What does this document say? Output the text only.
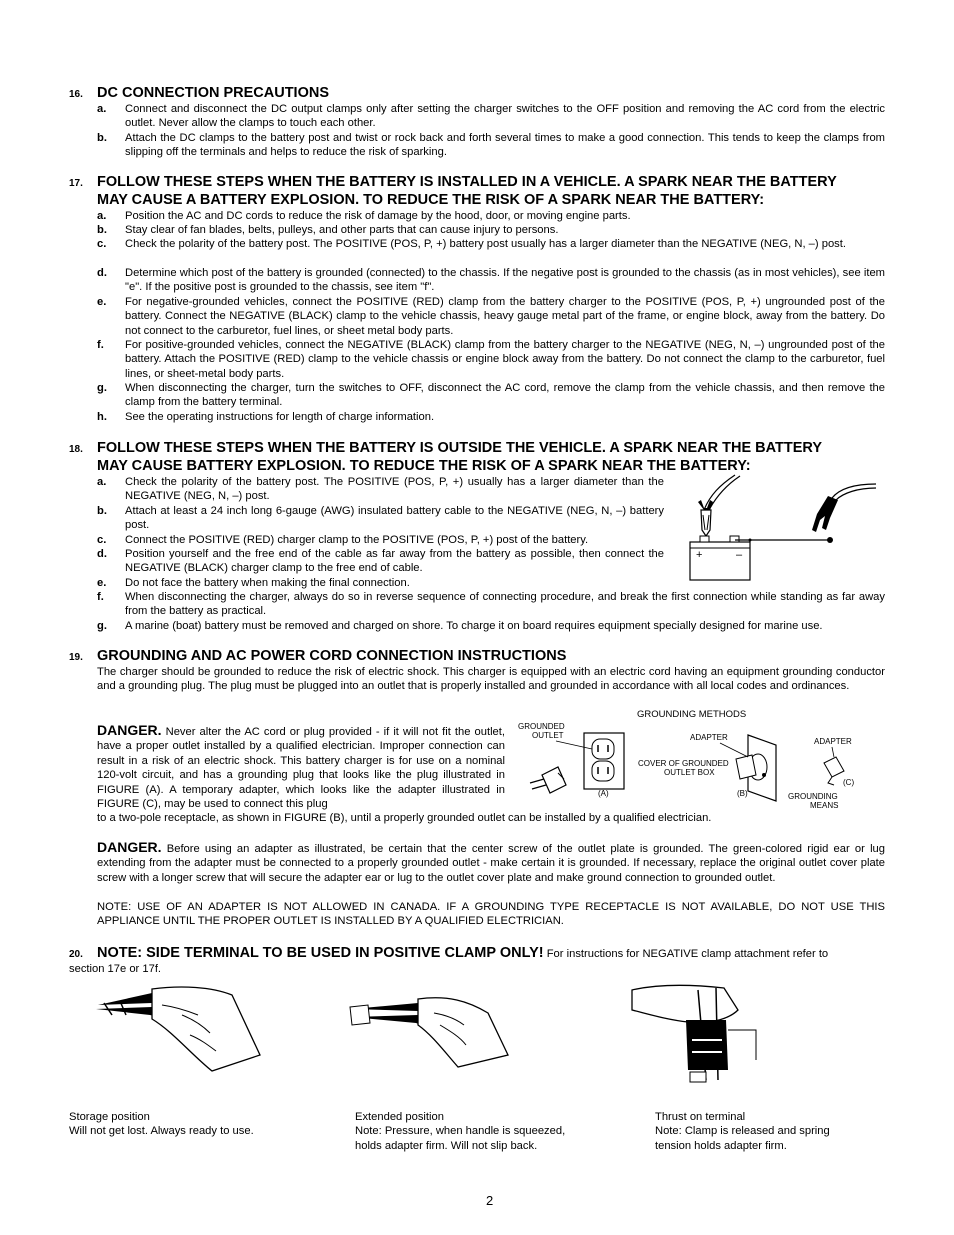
16. DC CONNECTION PRECAUTIONS
a.	Connect and disconnect the DC output clamps only after setting the charger switches to the OFF position and removing the AC cord from the electric outlet. Never allow the clamps to touch each other.
b.	Attach the DC clamps to the battery post and twist or rock back and forth several times to make a good connection. This tends to keep the clamps from slipping off the terminals and helps to reduce the risk of sparking.
17. FOLLOW THESE STEPS WHEN THE BATTERY IS INSTALLED IN A VEHICLE. A SPARK NEAR THE BATTERY
MAY CAUSE A BATTERY EXPLOSION. TO REDUCE THE RISK OF A SPARK NEAR THE BATTERY:
a.	Position the AC and DC cords to reduce the risk of damage by the hood, door, or moving engine parts.
b.	Stay clear of fan blades, belts, pulleys, and other parts that can cause injury to persons.
c.	Check the polarity of the battery post. The POSITIVE (POS, P, +) battery post usually has a larger diameter than the NEGATIVE (NEG, N, –) post.
d.	Determine which post of the battery is grounded (connected) to the chassis. If the negative post is grounded to the chassis (as in most vehicles), see item "e". If the positive post is grounded to the chassis, see item "f".
e.	For negative-grounded vehicles, connect the POSITIVE (RED) clamp from the battery charger to the POSITIVE (POS, P, +) ungrounded post of the battery. Connect the NEGATIVE (BLACK) clamp to the vehicle chassis, heavy gauge metal part of the frame, or engine block, away from the battery. Do not connect to the carburetor, fuel lines, or sheet metal body parts.
f.	For positive-grounded vehicles, connect the NEGATIVE (BLACK) clamp from the battery charger to the NEGATIVE (NEG, N, –) ungrounded post of the battery. Attach the POSITIVE (RED) clamp to the vehicle chassis or engine block away from the battery. Do not connect the clamp to the carburetor, fuel lines, or sheet-metal body parts.
g.	When disconnecting the charger, turn the switches to OFF, disconnect the AC cord, remove the clamp from the vehicle chassis, and then remove the clamp from the battery terminal.
h.	See the operating instructions for length of charge information.
18. FOLLOW THESE STEPS WHEN THE BATTERY IS OUTSIDE THE VEHICLE. A SPARK NEAR THE BATTERY
MAY CAUSE BATTERY EXPLOSION. TO REDUCE THE RISK OF A SPARK NEAR THE BATTERY:
a.	Check the polarity of the battery post. The POSITIVE (POS, P, +) usually has a larger diameter than the NEGATIVE (NEG, N, –) post.
b.	Attach at least a 24 inch long 6-gauge (AWG) insulated battery cable to the NEGATIVE (NEG, N, –) battery post.
c.	Connect the POSITIVE (RED) charger clamp to the POSITIVE (POS, P, +) post of the battery.
d.	Position yourself and the free end of the cable as far away from the battery as possible, then connect the NEGATIVE (BLACK) charger clamp to the free end of cable.
e.	Do not face the battery when making the final connection.
f.	When disconnecting the charger, always do so in reverse sequence of connecting procedure, and break the first connection while standing as far away from the battery as practical.
g.	A marine (boat) battery must be removed and charged on shore. To charge it on board requires equipment specially designed for marine use.
+	–
19. GROUNDING AND AC POWER CORD CONNECTION INSTRUCTIONS
The charger should be grounded to reduce the risk of electric shock. This charger is equipped with an electric cord having an equipment grounding conductor and a grounding plug. The plug must be plugged into an outlet that is properly installed and grounded in accordance with all local codes and ordinances.
DANGER. Never alter the AC cord or plug provided - if it will not fit the outlet, have a proper outlet installed by a qualified electrician. Improper connection can result in a risk of an electric shock. This battery charger is for use on a nominal 120-volt circuit, and has a grounding plug that looks like the plug illustrated in FIGURE (A). A temporary adapter, which looks like the adapter illustrated in FIGURE (C), may be used to connect this plug
to a two-pole receptacle, as shown in FIGURE (B), until a properly grounded outlet can be installed by a qualified electrician.
DANGER. Before using an adapter as illustrated, be certain that the center screw of the outlet plate is grounded. The green-colored rigid ear or lug extending from the adapter must be connected to a properly grounded outlet - make certain it is grounded. If necessary, replace the original outlet cover plate screw with a longer screw that will secure the adapter ear or lug to the outlet cover plate and make ground connection to grounded outlet.
NOTE: USE OF AN ADAPTER IS NOT ALLOWED IN CANADA. IF A GROUNDING TYPE RECEPTACLE IS NOT AVAILABLE, DO NOT USE THIS APPLIANCE UNTIL THE PROPER OUTLET IS INSTALLED BY A QUALIFIED ELECTRICIAN.
GROUNDING METHODS
GROUNDED
OUTLET
(A)
COVER OF GROUNDED
OUTLET BOX
ADAPTER
(B)
ADAPTER
(C)
GROUNDING
MEANS
20. NOTE: SIDE TERMINAL TO BE USED IN POSITIVE CLAMP ONLY! For instructions for NEGATIVE clamp attachment refer to
section 17e or 17f.
Storage position
Will not get lost. Always ready to use.
Extended position
Note: Pressure, when handle is squeezed,
holds adapter firm. Will not slip back.
Thrust on terminal
Note: Clamp is released and spring
tension holds adapter firm.
2
